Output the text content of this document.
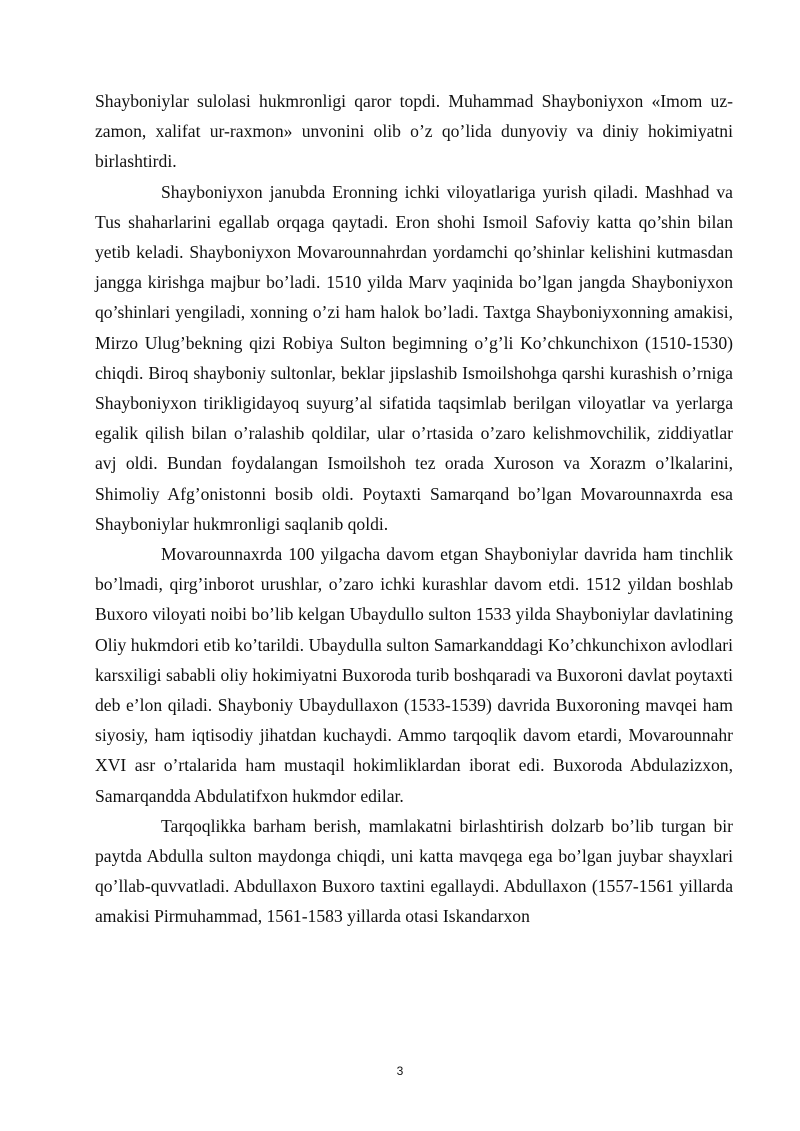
Shayboniylar sulolasi hukmronligi qaror topdi. Muhammad Shayboniyxon «Imom uz-zamon, xalifat ur-raxmon» unvonini olib o’z qo’lida dunyoviy va diniy hokimiyatni birlashtirdi.

Shayboniyxon janubda Eronning ichki viloyatlariga yurish qiladi. Mashhad va Tus shaharlarini egallab orqaga qaytadi. Eron shohi Ismoil Safoviy katta qo’shin bilan yetib keladi. Shayboniyxon Movarounnahrdan yordamchi qo’shinlar kelishini kutmasdan jangga kirishga majbur bo’ladi. 1510 yilda Marv yaqinida bo’lgan jangda Shayboniyxon qo’shinlari yengiladi, xonning o’zi ham halok bo’ladi. Taxtga Shayboniyxonning amakisi, Mirzo Ulug’bekning qizi Robiya Sulton begimning o’g’li Ko’chkunchixon (1510-1530) chiqdi. Biroq shayboniy sultonlar, beklar jipslashib Ismoilshohga qarshi kurashish o’rniga Shayboniyxon tirikligidayoq suyurg’al sifatida taqsimlab berilgan viloyatlar va yerlarga egalik qilish bilan o’ralashib qoldilar, ular o’rtasida o’zaro kelishmovchilik, ziddiyatlar avj oldi. Bundan foydalangan Ismoilshoh tez orada Xuroson va Xorazm o’lkalarini, Shimoliy Afg’onistonni bosib oldi. Poytaxti Samarqand bo’lgan Movarounnaxrda esa Shayboniylar hukmronligi saqlanib qoldi.

Movarounnaxrda 100 yilgacha davom etgan Shayboniylar davrida ham tinchlik bo’lmadi, qirg’inborot urushlar, o’zaro ichki kurashlar davom etdi. 1512 yildan boshlab Buxoro viloyati noibi bo’lib kelgan Ubaydullo sulton 1533 yilda Shayboniylar davlatining Oliy hukmdori etib ko’tarildi. Ubaydulla sulton Samarkanddagi Ko’chkunchixon avlodlari karsxiligi sababli oliy hokimiyatni Buxoroda turib boshqaradi va Buxoroni davlat poytaxti deb e’lon qiladi. Shayboniy Ubaydullaxon (1533-1539) davrida Buxoroning mavqei ham siyosiy, ham iqtisodiy jihatdan kuchaydi. Ammo tarqoqlik davom etardi, Movarounnahr XVI asr o’rtalarida ham mustaqil hokimliklardan iborat edi. Buxoroda Abdulazizxon, Samarqandda Abdulatifxon hukmdor edilar.

Tarqoqlikka barham berish, mamlakatni birlashtirish dolzarb bo’lib turgan bir paytda Abdulla sulton maydonga chiqdi, uni katta mavqega ega bo’lgan juybar shayxlari qo’llab-quvvatladi. Abdullaxon Buxoro taxtini egallaydi. Abdullaxon (1557-1561 yillarda amakisi Pirmuhammad, 1561-1583 yillarda otasi Iskandarxon

3
